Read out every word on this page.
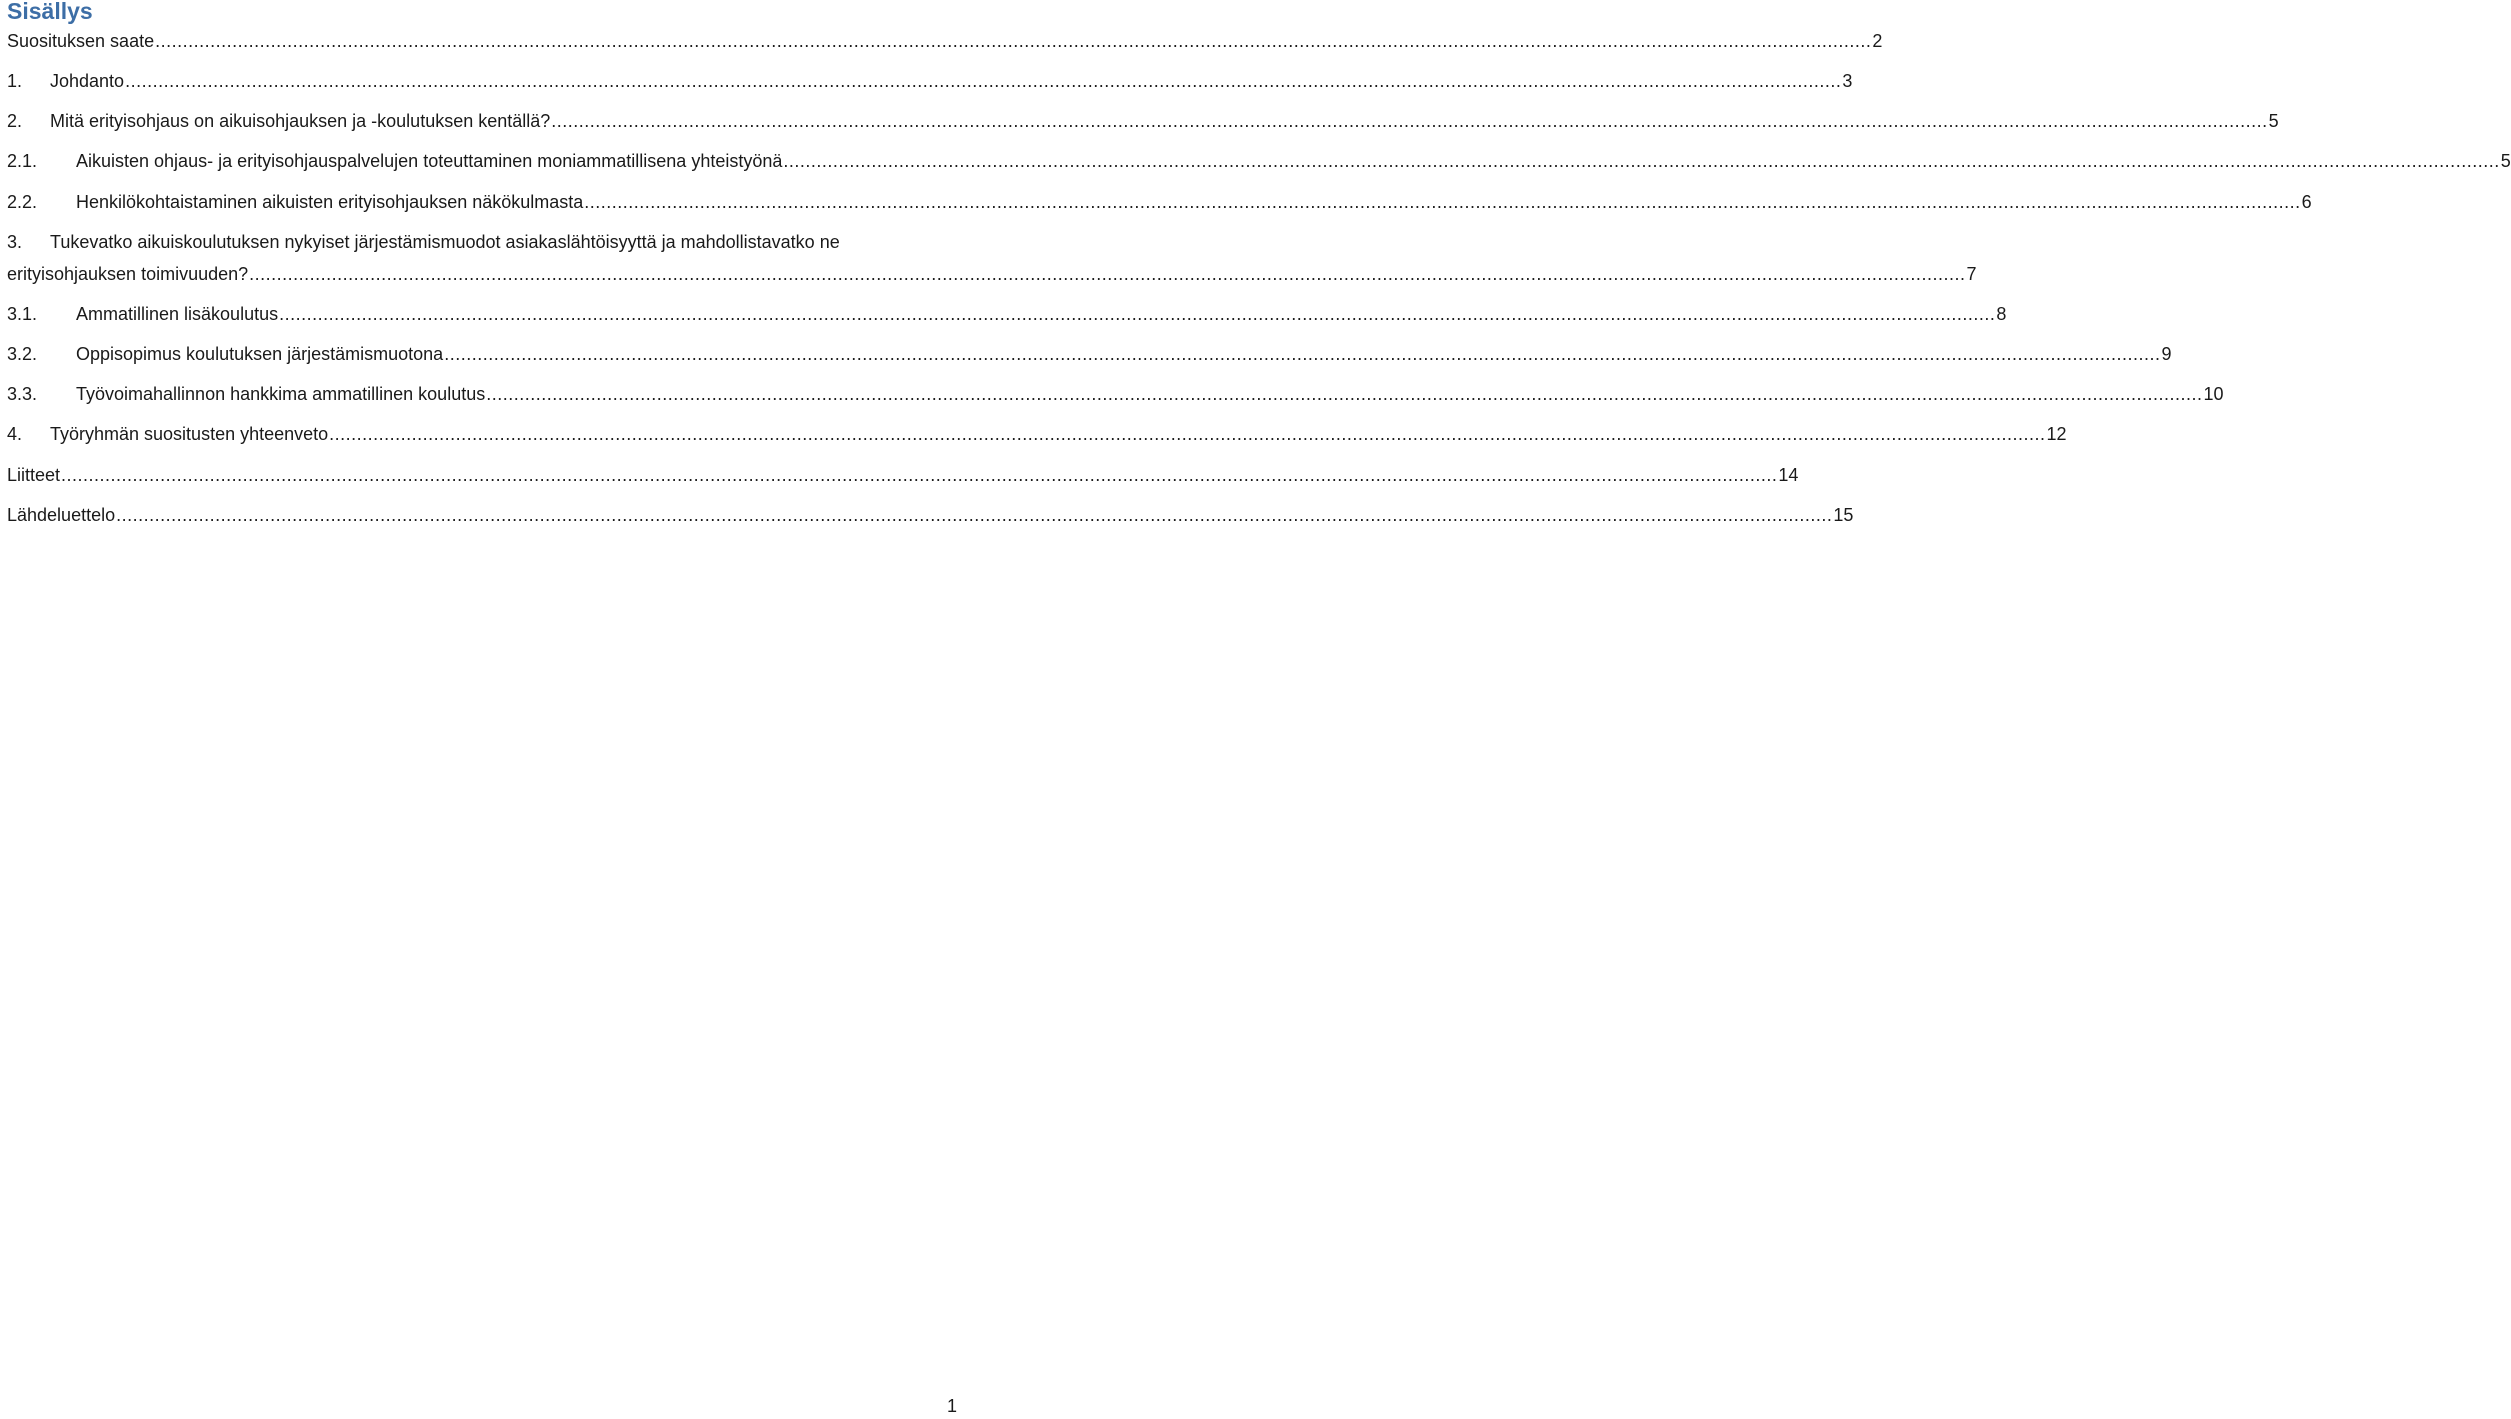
Sisällys
Suosituksen saate .....	2
1.	Johdanto .....	3
2.	Mitä erityisohjaus on aikuisohjauksen ja -koulutuksen kentällä? .....	5
2.1.	Aikuisten ohjaus- ja erityisohjauspalvelujen toteuttaminen moniammatillisena yhteistyönä .....	5
2.2.	Henkilökohtaistaminen aikuisten erityisohjauksen näkökulmasta .....	6
3.	Tukevatko aikuiskoulutuksen nykyiset järjestämismuodot asiakaslähtöisyyttä ja mahdollistavatko ne
erityisohjauksen toimivuuden? .....	7
3.1.	Ammatillinen lisäkoulutus .....	8
3.2.	Oppisopimus koulutuksen järjestämismuotona .....	9
3.3.	Työvoimahallinnon hankkima ammatillinen koulutus .....	10
4.	Työryhmän suositusten yhteenveto .....	12
Liitteet .....	14
Lähdeluettelo .....	15
1
